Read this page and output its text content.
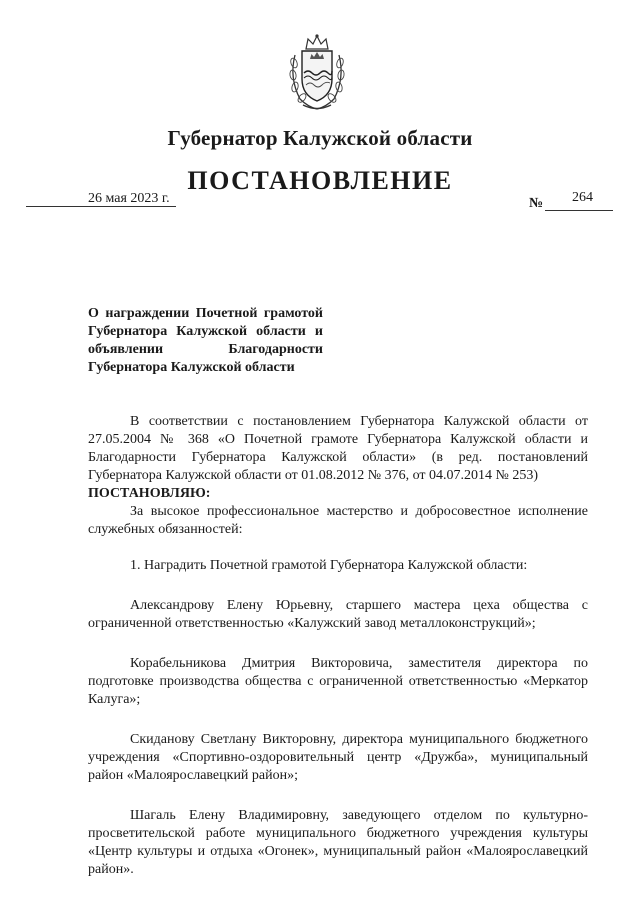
Губернатор Калужской области
ПОСТАНОВЛЕНИЕ
26 мая 2023 г.	№ 264
О награждении Почетной грамотой Губернатора Калужской области и объявлении Благодарности Губернатора Калужской области

В соответствии с постановлением Губернатора Калужской области от 27.05.2004 № 368 «О Почетной грамоте Губернатора Калужской области и Благодарности Губернатора Калужской области» (в ред. постановлений Губернатора Калужской области от 01.08.2012 № 376, от 04.07.2014 № 253)

ПОСТАНОВЛЯЮ:

За высокое профессиональное мастерство и добросовестное исполнение служебных обязанностей:

1. Наградить Почетной грамотой Губернатора Калужской области:

Александрову Елену Юрьевну, старшего мастера цеха общества с ограниченной ответственностью «Калужский завод металлоконструкций»;

Корабельникова Дмитрия Викторовича, заместителя директора по подготовке производства общества с ограниченной ответственностью «Меркатор Калуга»;

Скиданову Светлану Викторовну, директора муниципального бюджетного учреждения «Спортивно-оздоровительный центр «Дружба», муниципальный район «Малоярославецкий район»;

Шагаль Елену Владимировну, заведующего отделом по культурно-просветительской работе муниципального бюджетного учреждения культуры «Центр культуры и отдыха «Огонек», муниципальный район «Малоярославецкий район».
